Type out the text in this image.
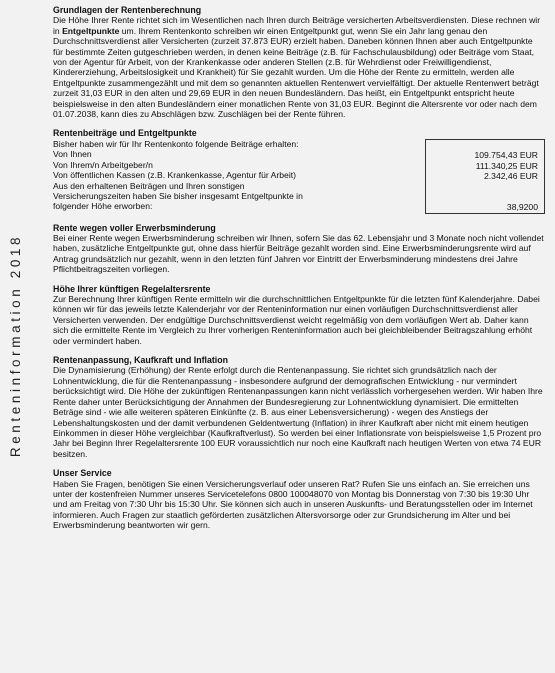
Renteninformation 2018
Grundlagen der Rentenberechnung

Die Höhe Ihrer Rente richtet sich im Wesentlichen nach Ihren durch Beiträge versicherten Arbeitsverdiensten. Diese rechnen wir in Entgeltpunkte um. Ihrem Rentenkonto schreiben wir einen Entgeltpunkt gut, wenn Sie ein Jahr lang genau den Durchschnittsverdienst aller Versicherten (zurzeit 37.873 EUR) erzielt haben. Daneben können Ihnen aber auch Entgeltpunkte für bestimmte Zeiten gutgeschrieben werden, in denen keine Beiträge (z.B. für Fachschulausbildung) oder Beiträge vom Staat, von der Agentur für Arbeit, von der Krankenkasse oder anderen Stellen (z.B. für Wehrdienst oder Freiwilligendienst, Kindererziehung, Arbeitslosigkeit und Krankheit) für Sie gezahlt wurden. Um die Höhe der Rente zu ermitteln, werden alle Entgeltpunkte zusammengezählt und mit dem so genannten aktuellen Rentenwert vervielfältigt. Der aktuelle Rentenwert beträgt zurzeit 31,03 EUR in den alten und 29,69 EUR in den neuen Bundesländern. Das heißt, ein Entgeltpunkt entspricht heute beispielsweise in den alten Bundesländern einer monatlichen Rente von 31,03 EUR. Beginnt die Altersrente vor oder nach dem 01.07.2038, kann dies zu Abschlägen bzw. Zuschlägen bei der Rente führen.

Rentenbeiträge und Entgeltpunkte
Bisher haben wir für Ihr Rentenkonto folgende Beiträge erhalten:
Von Ihnen
Von Ihrem/n Arbeitgeber/n
Von öffentlichen Kassen (z.B. Krankenkasse, Agentur für Arbeit)
Aus den erhaltenen Beiträgen und Ihren sonstigen
Versicherungszeiten haben Sie bisher insgesamt Entgeltpunkte in
folgender Höhe erworben:
109.754,43 EUR
111.340,25 EUR
2.342,46 EUR
38,9200
Rente wegen voller Erwerbsminderung

Bei einer Rente wegen Erwerbsminderung schreiben wir Ihnen, sofern Sie das 62. Lebensjahr und 3 Monate noch nicht vollendet haben, zusätzliche Entgeltpunkte gut, ohne dass hierfür Beiträge gezahlt worden sind. Eine Erwerbsminderungsrente wird auf Antrag grundsätzlich nur gezahlt, wenn in den letzten fünf Jahren vor Eintritt der Erwerbsminderung mindestens drei Jahre Pflichtbeitragszeiten vorliegen.

Höhe Ihrer künftigen Regelaltersrente

Zur Berechnung Ihrer künftigen Rente ermitteln wir die durchschnittlichen Entgeltpunkte für die letzten fünf Kalenderjahre. Dabei können wir für das jeweils letzte Kalenderjahr vor der Renteninformation nur einen vorläufigen Durchschnittsverdienst aller Versicherten verwenden. Der endgültige Durchschnittsverdienst weicht regelmäßig von dem vorläufigen Wert ab. Daher kann sich die ermittelte Rente im Vergleich zu Ihrer vorherigen Renteninformation auch bei gleichbleibender Beitragszahlung erhöht oder vermindert haben.

Rentenanpassung, Kaufkraft und Inflation

Die Dynamisierung (Erhöhung) der Rente erfolgt durch die Rentenanpassung. Sie richtet sich grundsätzlich nach der Lohnentwicklung, die für die Rentenanpassung - insbesondere aufgrund der demografischen Entwicklung - nur vermindert berücksichtigt wird. Die Höhe der zukünftigen Rentenanpassungen kann nicht verlässlich vorhergesehen werden. Wir haben Ihre Rente daher unter Berücksichtigung der Annahmen der Bundesregierung zur Lohnentwicklung dynamisiert. Die ermittelten Beträge sind - wie alle weiteren späteren Einkünfte (z. B. aus einer Lebensversicherung) - wegen des Anstiegs der Lebenshaltungskosten und der damit verbundenen Geldentwertung (Inflation) in ihrer Kaufkraft aber nicht mit einem heutigen Einkommen in dieser Höhe vergleichbar (Kaufkraftverlust). So werden bei einer Inflationsrate von beispielsweise 1,5 Prozent pro Jahr bei Beginn Ihrer Regelaltersrente 100 EUR voraussichtlich nur noch eine Kaufkraft nach heutigen Werten von etwa 74 EUR besitzen.

Unser Service

Haben Sie Fragen, benötigen Sie einen Versicherungsverlauf oder unseren Rat? Rufen Sie uns einfach an. Sie erreichen uns unter der kostenfreien Nummer unseres Servicetelefons 0800 100048070 von Montag bis Donnerstag von 7:30 bis 19:30 Uhr und am Freitag von 7:30 Uhr bis 15:30 Uhr. Sie können sich auch in unseren Auskunfts- und Beratungsstellen oder im Internet informieren. Auch Fragen zur staatlich geförderten zusätzlichen Altersvorsorge oder zur Grundsicherung im Alter und bei Erwerbsminderung beantworten wir gern.
